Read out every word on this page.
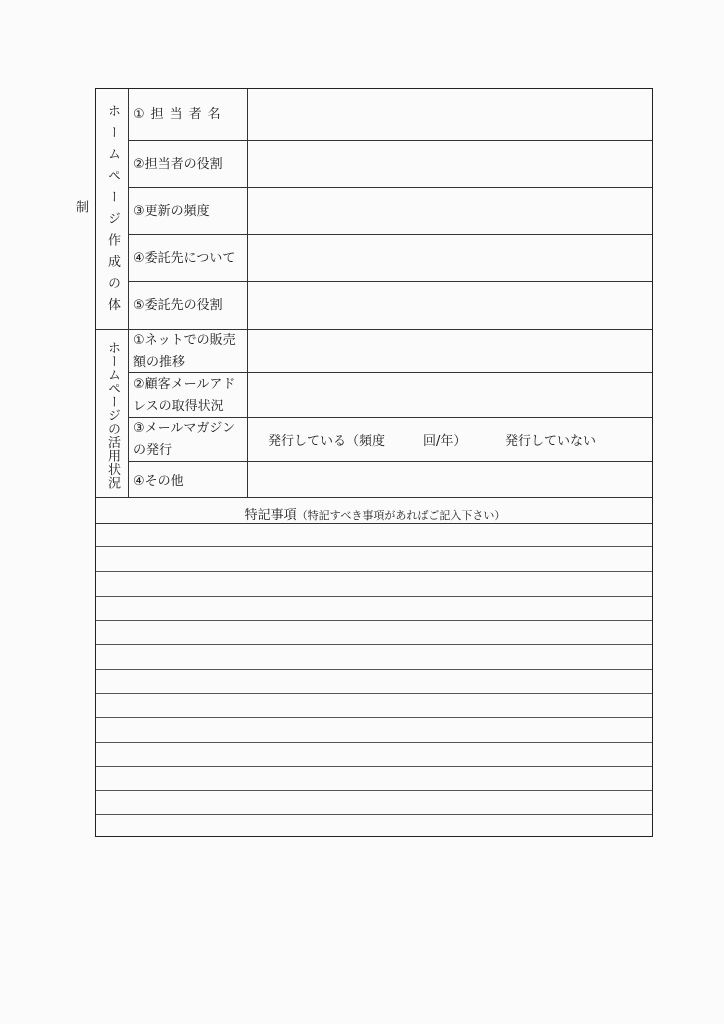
ホームページ作成の体制
ホームページの活用状況
①担当者名
②担当者の役割
③更新の頻度
④委託先について
⑤委託先の役割
①ネットでの販売
額の推移
②顧客メールアド
レスの取得状況
③メールマガジン
の発行
④その他
発行している（頻度	回/年）	発行していない
特記事項（特記すべき事項があればご記入下さい）
